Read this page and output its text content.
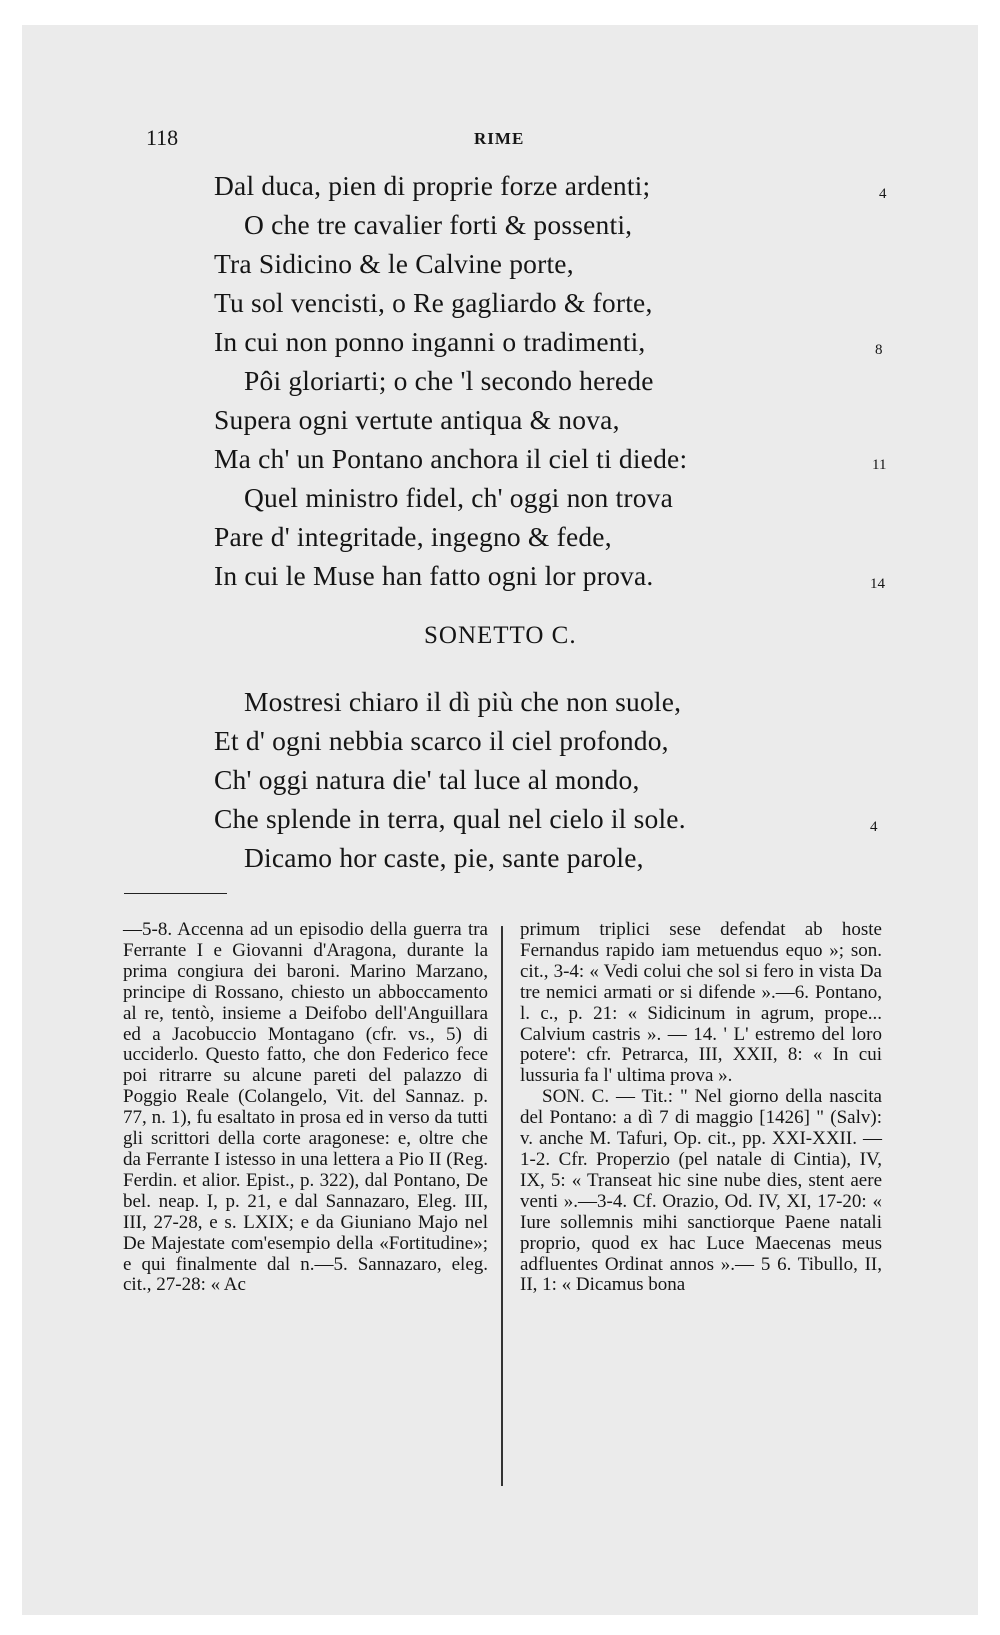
118	RIME
Dal duca, pien di proprie forze ardenti;
O che tre cavalier forti & possenti,
Tra Sidicino & le Calvine porte,
Tu sol vencisti, o Re gagliardo & forte,
In cui non ponno inganni o tradimenti,
Pôi gloriarti; o che 'l secondo herede
Supera ogni vertute antiqua & nova,
Ma ch' un Pontano anchora il ciel ti diede:
Quel ministro fidel, ch' oggi non trova
Pare d' integritade, ingegno & fede,
In cui le Muse han fatto ogni lor prova.
4
8
11
14
SONETTO C.
Mostresi chiaro il dì più che non suole,
Et d' ogni nebbia scarco il ciel profondo,
Ch' oggi natura die' tal luce al mondo,
Che splende in terra, qual nel cielo il sole.
Dicamo hor caste, pie, sante parole,
4

—5-8. Accenna ad un episodio della guerra tra Ferrante I e Giovanni d'Aragona, durante la prima congiura dei baroni. Marino Marzano, principe di Rossano, chiesto un abboccamento al re, tentò, insieme a Deifobo dell'Anguillara ed a Jacobuccio Montagano (cfr. vs., 5) di ucciderlo. Questo fatto, che don Federico fece poi ritrarre su alcune pareti del palazzo di Poggio Reale (Colangelo, Vit. del Sannaz. p. 77, n. 1), fu esaltato in prosa ed in verso da tutti gli scrittori della corte aragonese: e, oltre che da Ferrante I istesso in una lettera a Pio II (Reg. Ferdin. et alior. Epist., p. 322), dal Pontano, De bel. neap. I, p. 21, e dal Sannazaro, Eleg. III, III, 27-28, e s. LXIX; e da Giuniano Majo nel De Majestate com'esempio della «Fortitudine»; e qui finalmente dal n.—5. Sannazaro, eleg. cit., 27-28: « Ac

primum triplici sese defendat ab hoste Fernandus rapido iam metuendus equo »; son. cit., 3-4: « Vedi colui che sol si fero in vista Da tre nemici armati or si difende ».—6. Pontano, l. c., p. 21: « Sidicinum in agrum, prope... Calvium castris ». — 14. ' L' estremo del loro potere': cfr. Petrarca, III, XXII, 8: « In cui lussuria fa l' ultima prova ».

SON. C. — Tit.: " Nel giorno della nascita del Pontano: a dì 7 di maggio [1426] " (Salv): v. anche M. Tafuri, Op. cit., pp. XXI-XXII. — 1-2. Cfr. Properzio (pel natale di Cintia), IV, IX, 5: « Transeat hic sine nube dies, stent aere venti ».—3-4. Cf. Orazio, Od. IV, XI, 17-20: « Iure sollemnis mihi sanctiorque Paene natali proprio, quod ex hac Luce Maecenas meus adfluentes Ordinat annos ».— 5 6. Tibullo, II, II, 1: « Dicamus bona
